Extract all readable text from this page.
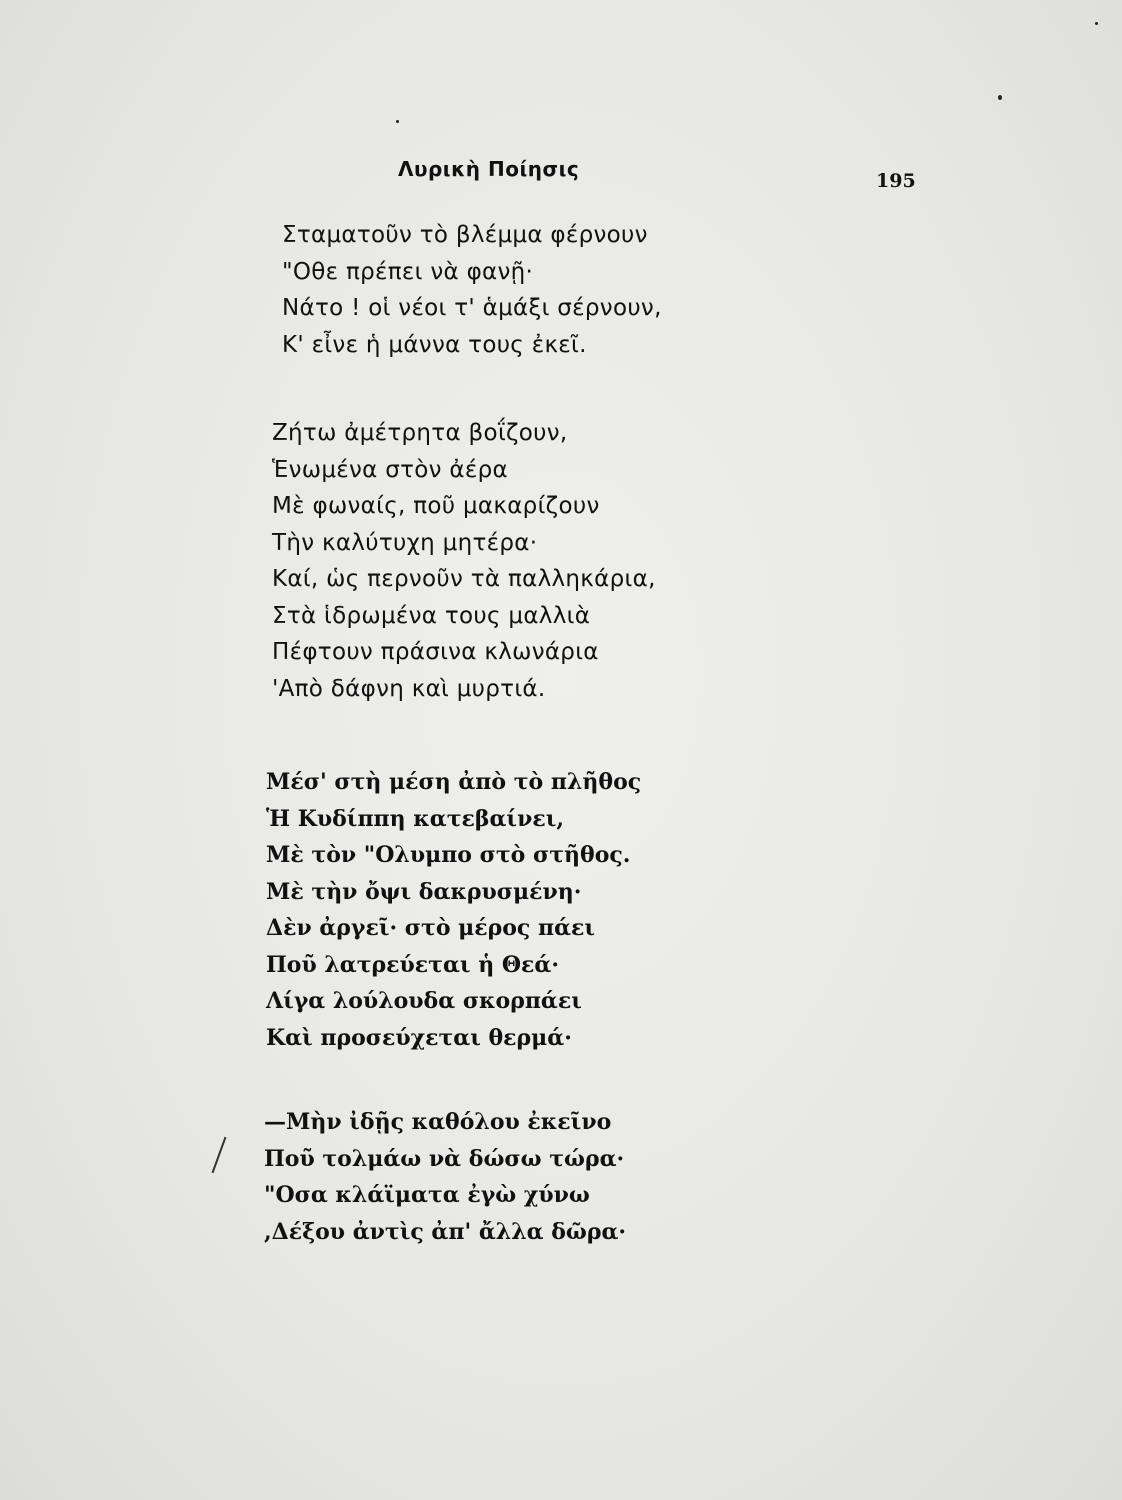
Λυρικὴ Ποίησις	195
Σταματοῦν τὸ βλέμμα φέρνουν
"Οθε πρέπει νὰ φανῇ·
Νάτο ! οἱ νέοι τ' ἁμάξι σέρνουν,
Κ' εἶνε ἡ μάννα τους ἐκεῖ.
Ζήτω ἀμέτρητα βοΐζουν,
Ἑνωμένα στὸν ἀέρα
Μὲ φωναίς, ποῦ μακαρίζουν
Τὴν καλύτυχη μητέρα·
Καί, ὡς περνοῦν τὰ παλληκάρια,
Στὰ ἱδρωμένα τους μαλλιὰ
Πέφτουν πράσινα κλωνάρια
'Απὸ δάφνη καὶ μυρτιά.
Μέσ' στὴ μέση ἀπὸ τὸ πλῆθος
Ἡ Κυδίππη κατεβαίνει,
Μὲ τὸν "Ολυμπο στὸ στῆθος.
Μὲ τὴν ὄψι δακρυσμένη·
Δὲν ἀργεῖ· στὸ μέρος πάει
Ποῦ λατρεύεται ἡ Θεά·
Λίγα λούλουδα σκορπάει
Καὶ προσεύχεται θερμά·
—Μὴν ἰδῇς καθόλου ἐκεῖνο
Ποῦ τολμάω νὰ δώσω τώρα·
"Οσα κλάϊματα ἐγὼ χύνω
,Δέξου ἀντὶς ἀπ' ἄλλα δῶρα·
